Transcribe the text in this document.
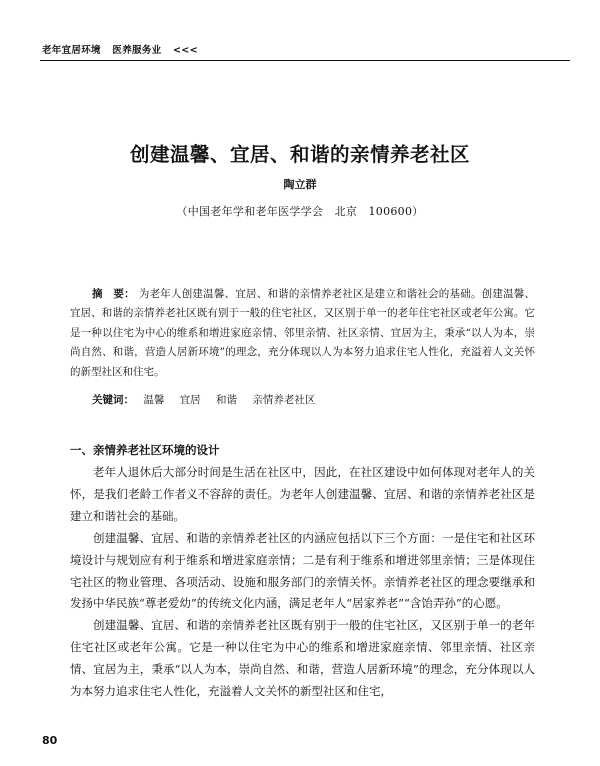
老年宜居环境 医养服务业 <<<
创建温馨、宜居、和谐的亲情养老社区
陶立群
（中国老年学和老年医学学会　北京　100600）

摘　要： 为老年人创建温馨、宜居、和谐的亲情养老社区是建立和谐社会的基础。创建温馨、宜居、和谐的亲情养老社区既有别于一般的住宅社区，又区别于单一的老年住宅社区或老年公寓。它是一种以住宅为中心的维系和增进家庭亲情、邻里亲情、社区亲情、宜居为主，秉承“以人为本，崇尚自然、和谐，营造人居新环境”的理念，充分体现以人为本努力追求住宅人性化，充溢着人文关怀的新型社区和住宅。

关键词： 温馨 宜居 和谐 亲情养老社区
一、亲情养老社区环境的设计

老年人退休后大部分时间是生活在社区中，因此，在社区建设中如何体现对老年人的关怀，是我们老龄工作者义不容辞的责任。为老年人创建温馨、宜居、和谐的亲情养老社区是建立和谐社会的基础。

创建温馨、宜居、和谐的亲情养老社区的内涵应包括以下三个方面：一是住宅和社区环境设计与规划应有利于维系和增进家庭亲情；二是有利于维系和增进邻里亲情；三是体现住宅社区的物业管理、各项活动、设施和服务部门的亲情关怀。亲情养老社区的理念要继承和发扬中华民族“尊老爱幼”的传统文化内涵，满足老年人“居家养老”“含饴弄孙”的心愿。

创建温馨、宜居、和谐的亲情养老社区既有别于一般的住宅社区，又区别于单一的老年住宅社区或老年公寓。它是一种以住宅为中心的维系和增进家庭亲情、邻里亲情、社区亲情、宜居为主，秉承“以人为本，崇尚自然、和谐，营造人居新环境”的理念，充分体现以人为本努力追求住宅人性化，充溢着人文关怀的新型社区和住宅，

80
